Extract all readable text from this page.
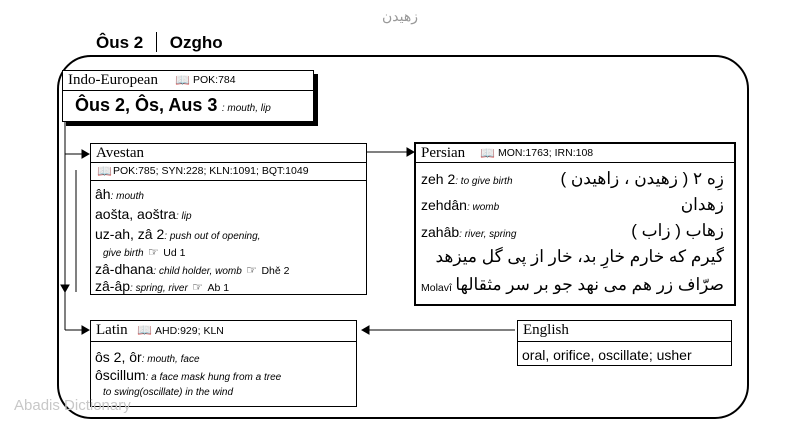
زهیدن
Ôus 2 Ozgho
Indo-European 📖 POK:784
Ôus 2, Ôs, Aus 3 : mouth, lip
Avestan
📖 POK:785; SYN:228; KLN:1091; BQT:1049
âh: mouth
aošta, aoštra: lip
uz-ah, zâ 2: push out of opening,
give birth ☞ Ud 1
zâ-dhana: child holder, womb ☞ Dhě 2
zâ-âp: spring, river ☞ Ab 1
Persian 📖 MON:1763; IRN:108
zeh 2: to give birth	زِه ۲ ( زهیدن ، زاهیدن )
zehdân: womb	زهدان
zahâb: river, spring	زهاب ( زاب )
گیرم که خارم خارِ بد، خار از پی گل میزهد
Molavî صرّاف زر هم می نهد جو بر سر مثقالها
Latin 📖 AHD:929; KLN
ôs 2, ôr: mouth, face
ôscillum: a face mask hung from a tree
to swing(oscillate) in the wind
English
oral, orifice, oscillate; usher
Abadis Dictionary
